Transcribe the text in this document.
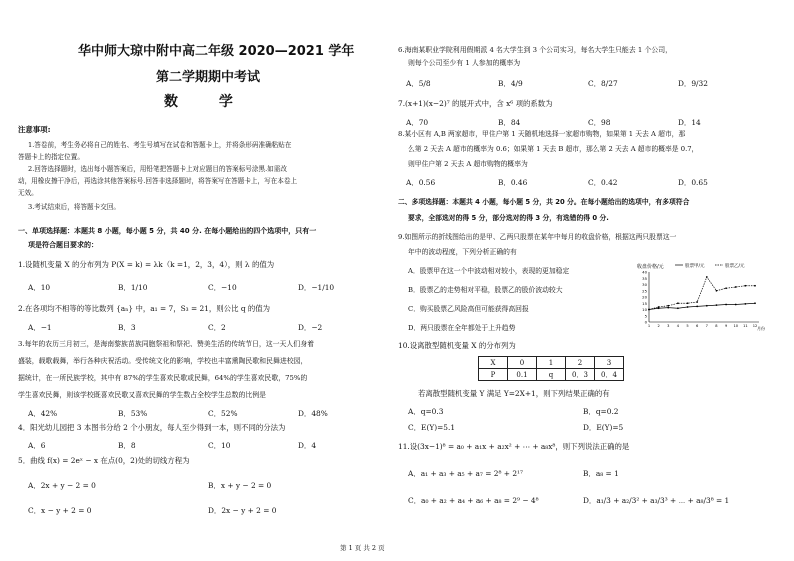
华中师大琼中附中高二年级 2020—2021 学年
第二学期期中考试
数 学
注意事项:
1.答卷前，考生务必将自己的姓名、考生号填写在试卷和答题卡上，并将条形码准确粘贴在
答题卡上的指定位置。
2.回答选择题时，选出每小题答案后，用铅笔把答题卡上对应题目的答案标号涂黑.如需改
动，用橡皮擦干净后，再选涂其他答案标号.回答非选择题时，将答案写在答题卡上，写在本卷上
无效。
3.考试结束后，将答题卡交回。
一、单项选择题：本题共 8 小题，每小题 5 分，共 40 分. 在每小题给出的四个选项中，只有一
项是符合题目要求的：
1.设随机变量 X 的分布列为 P(X = k) = λk（k =1，2，3，4），则 λ 的值为
A．10	B．1/10	C．−10	D．−1/10
2.在各项均不相等的等比数列 {aₙ} 中，a₁ = 7，S₃ = 21，则公比 q 的值为
A．−1	B．3	C．2	D．−2
3.每年的农历三月初三，是海南黎族苗族同胞祭祖和祭祀、赞美生活的传统节日，这一天人们身着
盛装，载歌载舞，举行各种庆祝活动。受传统文化的影响，学校也丰富熏陶民歌和民舞进校园，
据统计，在一所民族学校，其中有 87%的学生喜欢民歌或民舞，64%的学生喜欢民歌，75%的
学生喜欢民舞，则该学校既喜欢民歌又喜欢民舞的学生数占全校学生总数的比例是
A．42%	B．53%	C．52%	D．48%
4．阳光幼儿园把 3 本图书分给 2 个小朋友，每人至少得到一本，则不同的分法为
A．6	B．8	C．10	D．4
5．曲线 f(x) = 2eˣ − x 在点(0，2)处的切线方程为
A．2x + y − 2 = 0	B．x + y − 2 = 0
C．x − y + 2 = 0	D．2x − y + 2 = 0
6.海南某职业学院利用假期派 4 名大学生到 3 个公司实习，每名大学生只能去 1 个公司，
则每个公司至少有 1 人参加的概率为
A．5/8	B．4/9	C．8/27	D．9/32
7.(x+1)(x−2)⁷ 的展开式中，含 x⁶ 项的系数为
A．70	B．84	C．98	D．14
8.某小区有 A,B 两家超市，甲住户第 1 天随机地选择一家超市购物，如果第 1 天去 A 超市，那
么第 2 天去 A 超市的概率为 0.6；如果第 1 天去 B 超市，那么第 2 天去 A 超市的概率是 0.7，
则甲住户第 2 天去 A 超市购物的概率为
A．0.56	B．0.46	C．0.42	D．0.65
二、多项选择题：本题共 4 小题，每小题 5 分，共 20 分。在每小题给出的选项中，有多项符合
要求，全部选对的得 5 分，部分选对的得 3 分，有选错的得 0 分.
9.如图所示的折线图给出的是甲、乙两只股票在某年中每月的收盘价格，根据这两只股票这一
年中的波动程度，下列分析正确的有
A．股票甲在这一个中波动相对较小，表现的更加稳定
B．股票乙的走势相对平稳，股票乙的股价波动较大
C．购买股票乙风险高但可能获得高回报
D．两只股票在全年都处于上升趋势
收盘价格/元	股票甲/元	股票乙/元
0
5
10
15
20
25
30
35
40
1 2 3 4 5 6 7 8 9 10 11 12 月份
10.设离散型随机变量 X 的分布列为
X	0	1	2	3
P	0.1	q	0．3	0．4
若离散型随机变量 Y 满足 Y=2X+1，则下列结果正确的有
A．q=0.3	B．q=0.2
C．E(Y)=5.1	D．E(Y)=5
11.设(3x−1)⁸ = a₀ + a₁x + a₂x² + ⋯ + a₈x⁸，则下列说法正确的是
A．a₁ + a₃ + a₅ + a₇ = 2⁸ + 2¹⁷	B．a₈ = 1
C．a₀ + a₂ + a₄ + a₆ + a₈ = 2⁹ − 4⁸	D．a₁/3 + a₂/3² + a₃/3³ + ⋯ + a₈/3⁸ = 1
第 1 页 共 2 页
